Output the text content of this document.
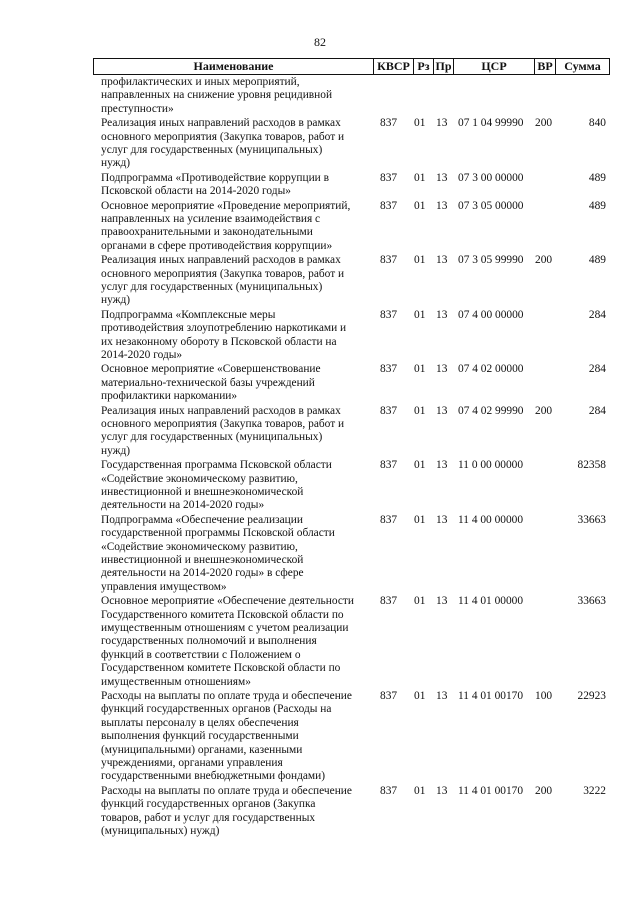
82
Наименование	КВСР Рз Пр	ЦСР	ВР Сумма
профилактических и иных мероприятий,
направленных на снижение уровня рецидивной
преступности»
Реализация иных направлений расходов в рамках
основного мероприятия (Закупка товаров, работ и
услуг для государственных (муниципальных)
нужд)
837 01 13 07 1 04 99990 200	840
Подпрограмма «Противодействие коррупции в
Псковской области на 2014-2020 годы»
837 01 13 07 3 00 00000	489
Основное мероприятие «Проведение мероприятий,
направленных на усиление взаимодействия с
правоохранительными и законодательными
органами в сфере противодействия коррупции»
837 01 13 07 3 05 00000	489
Реализация иных направлений расходов в рамках
основного мероприятия (Закупка товаров, работ и
услуг для государственных (муниципальных)
нужд)
837 01 13 07 3 05 99990 200	489
Подпрограмма «Комплексные меры
противодействия злоупотреблению наркотиками и
их незаконному обороту в Псковской области на
2014-2020 годы»
837 01 13 07 4 00 00000	284
Основное мероприятие «Совершенствование
материально-технической базы учреждений
профилактики наркомании»
837 01 13 07 4 02 00000	284
Реализация иных направлений расходов в рамках
основного мероприятия (Закупка товаров, работ и
услуг для государственных (муниципальных)
нужд)
837 01 13 07 4 02 99990 200	284
Государственная программа Псковской области
«Содействие экономическому развитию,
инвестиционной и внешнеэкономической
деятельности на 2014-2020 годы»
837 01 13 11 0 00 00000	82358
Подпрограмма «Обеспечение реализации
государственной программы Псковской области
«Содействие экономическому развитию,
инвестиционной и внешнеэкономической
деятельности на 2014-2020 годы» в сфере
управления имуществом»
837 01 13 11 4 00 00000	33663
Основное мероприятие «Обеспечение деятельности
Государственного комитета Псковской области по
имущественным отношениям с учетом реализации
государственных полномочий и выполнения
функций в соответствии с Положением о
Государственном комитете Псковской области по
имущественным отношениям»
837 01 13 11 4 01 00000	33663
Расходы на выплаты по оплате труда и обеспечение
функций государственных органов (Расходы на
выплаты персоналу в целях обеспечения
выполнения функций государственными
(муниципальными) органами, казенными
учреждениями, органами управления
государственными внебюджетными фондами)
837 01 13 11 4 01 00170 100 22923
Расходы на выплаты по оплате труда и обеспечение
функций государственных органов (Закупка
товаров, работ и услуг для государственных
(муниципальных) нужд)
837 01 13 11 4 01 00170 200	3222
